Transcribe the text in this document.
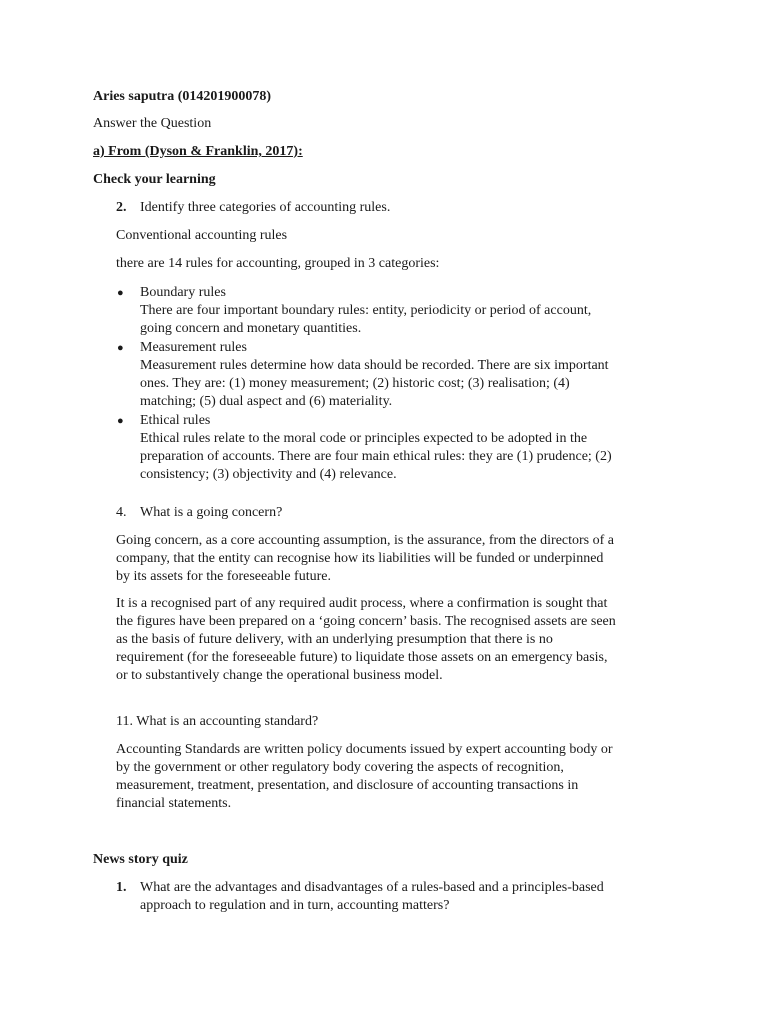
Aries saputra (014201900078)
Answer the Question
a) From (Dyson & Franklin, 2017):
Check your learning
2. Identify three categories of accounting rules.
Conventional accounting rules
there are 14 rules for accounting, grouped in 3 categories:
● Boundary rules
There are four important boundary rules: entity, periodicity or period of account,
going concern and monetary quantities.
● Measurement rules
Measurement rules determine how data should be recorded. There are six important
ones. They are: (1) money measurement; (2) historic cost; (3) realisation; (4)
matching; (5) dual aspect and (6) materiality.
● Ethical rules
Ethical rules relate to the moral code or principles expected to be adopted in the
preparation of accounts. There are four main ethical rules: they are (1) prudence; (2)
consistency; (3) objectivity and (4) relevance.
4. What is a going concern?
Going concern, as a core accounting assumption, is the assurance, from the directors of a
company, that the entity can recognise how its liabilities will be funded or underpinned
by its assets for the foreseeable future.
It is a recognised part of any required audit process, where a confirmation is sought that
the figures have been prepared on a ‘going concern’ basis. The recognised assets are seen
as the basis of future delivery, with an underlying presumption that there is no
requirement (for the foreseeable future) to liquidate those assets on an emergency basis,
or to substantively change the operational business model.
11. What is an accounting standard?
Accounting Standards are written policy documents issued by expert accounting body or
by the government or other regulatory body covering the aspects of recognition,
measurement, treatment, presentation, and disclosure of accounting transactions in
financial statements.
News story quiz
1. What are the advantages and disadvantages of a rules-based and a principles-based
approach to regulation and in turn, accounting matters?
